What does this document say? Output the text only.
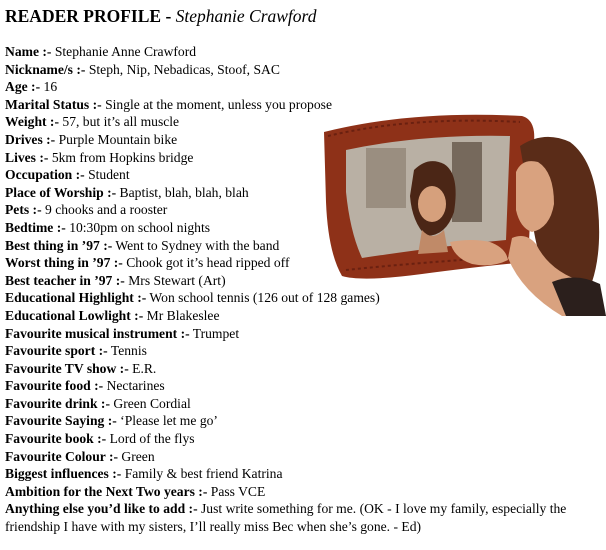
READER PROFILE - Stephanie Crawford
Name :- Stephanie Anne Crawford
Nickname/s :- Steph, Nip, Nebadicas, Stoof, SAC
Age :- 16
Marital Status :- Single at the moment, unless you propose
Weight :- 57, but it’s all muscle
Drives :- Purple Mountain bike
Lives :- 5km from Hopkins bridge
Occupation :- Student
Place of Worship :- Baptist, blah, blah, blah
Pets :- 9 chooks and a rooster
Bedtime :- 10:30pm on school nights
Best thing in ’97 :- Went to Sydney with the band
Worst thing in ’97 :- Chook got it’s head ripped off
Best teacher in ’97 :- Mrs Stewart (Art)
Educational Highlight :- Won school tennis (126 out of 128 games)
Educational Lowlight :- Mr Blakeslee
Favourite musical instrument :- Trumpet
Favourite sport :- Tennis
Favourite TV show :- E.R.
Favourite food :- Nectarines
Favourite drink :- Green Cordial
Favourite Saying :- ‘Please let me go’
Favourite book :- Lord of the flys
Favourite Colour :- Green
Biggest influences :- Family & best friend Katrina
Ambition for the Next Two years :- Pass VCE
Anything else you’d like to add :- Just write something for me. (OK - I love my family, especially the friendship I have with my sisters, I’ll really miss Bec when she’s gone. - Ed)
